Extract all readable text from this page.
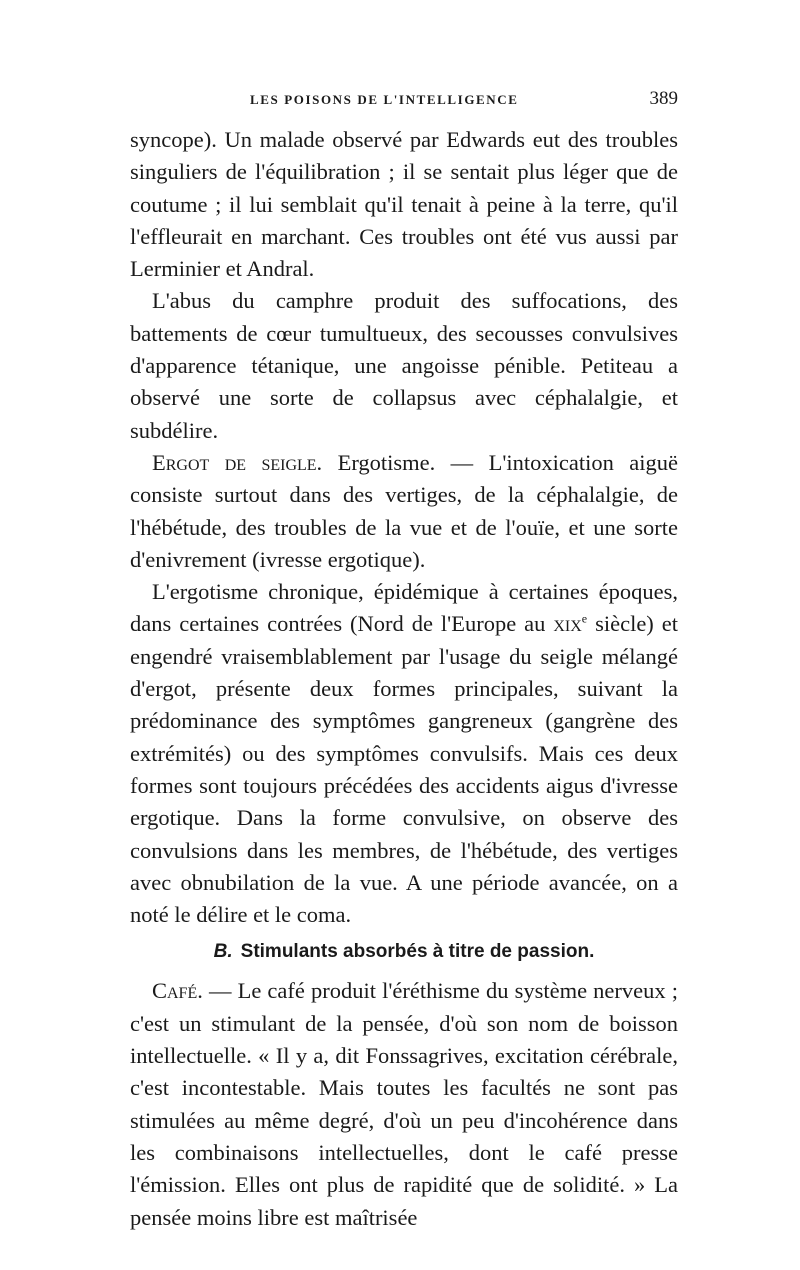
LES POISONS DE L'INTELLIGENCE	389

syncope). Un malade observé par Edwards eut des troubles singuliers de l'équilibration ; il se sentait plus léger que de coutume ; il lui semblait qu'il tenait à peine à la terre, qu'il l'effleurait en marchant. Ces troubles ont été vus aussi par Lerminier et Andral.

L'abus du camphre produit des suffocations, des battements de cœur tumultueux, des secousses convulsives d'apparence tétanique, une angoisse pénible. Petiteau a observé une sorte de collapsus avec céphalalgie, et subdélire.

Ergot de seigle. Ergotisme. — L'intoxication aiguë consiste surtout dans des vertiges, de la céphalalgie, de l'hébétude, des troubles de la vue et de l'ouïe, et une sorte d'enivrement (ivresse ergotique).

L'ergotisme chronique, épidémique à certaines époques, dans certaines contrées (Nord de l'Europe au xix$^e$ siècle) et engendré vraisemblablement par l'usage du seigle mélangé d'ergot, présente deux formes principales, suivant la prédominance des symptômes gangreneux (gangrène des extrémités) ou des symptômes convulsifs. Mais ces deux formes sont toujours précédées des accidents aigus d'ivresse ergotique. Dans la forme convulsive, on observe des convulsions dans les membres, de l'hébétude, des vertiges avec obnubilation de la vue. A une période avancée, on a noté le délire et le coma.

B. Stimulants absorbés à titre de passion.

Café. — Le café produit l'éréthisme du système nerveux ; c'est un stimulant de la pensée, d'où son nom de boisson intellectuelle. « Il y a, dit Fonssagrives, excitation cérébrale, c'est incontestable. Mais toutes les facultés ne sont pas stimulées au même degré, d'où un peu d'incohérence dans les combinaisons intellectuelles, dont le café presse l'émission. Elles ont plus de rapidité que de solidité. » La pensée moins libre est maîtrisée
